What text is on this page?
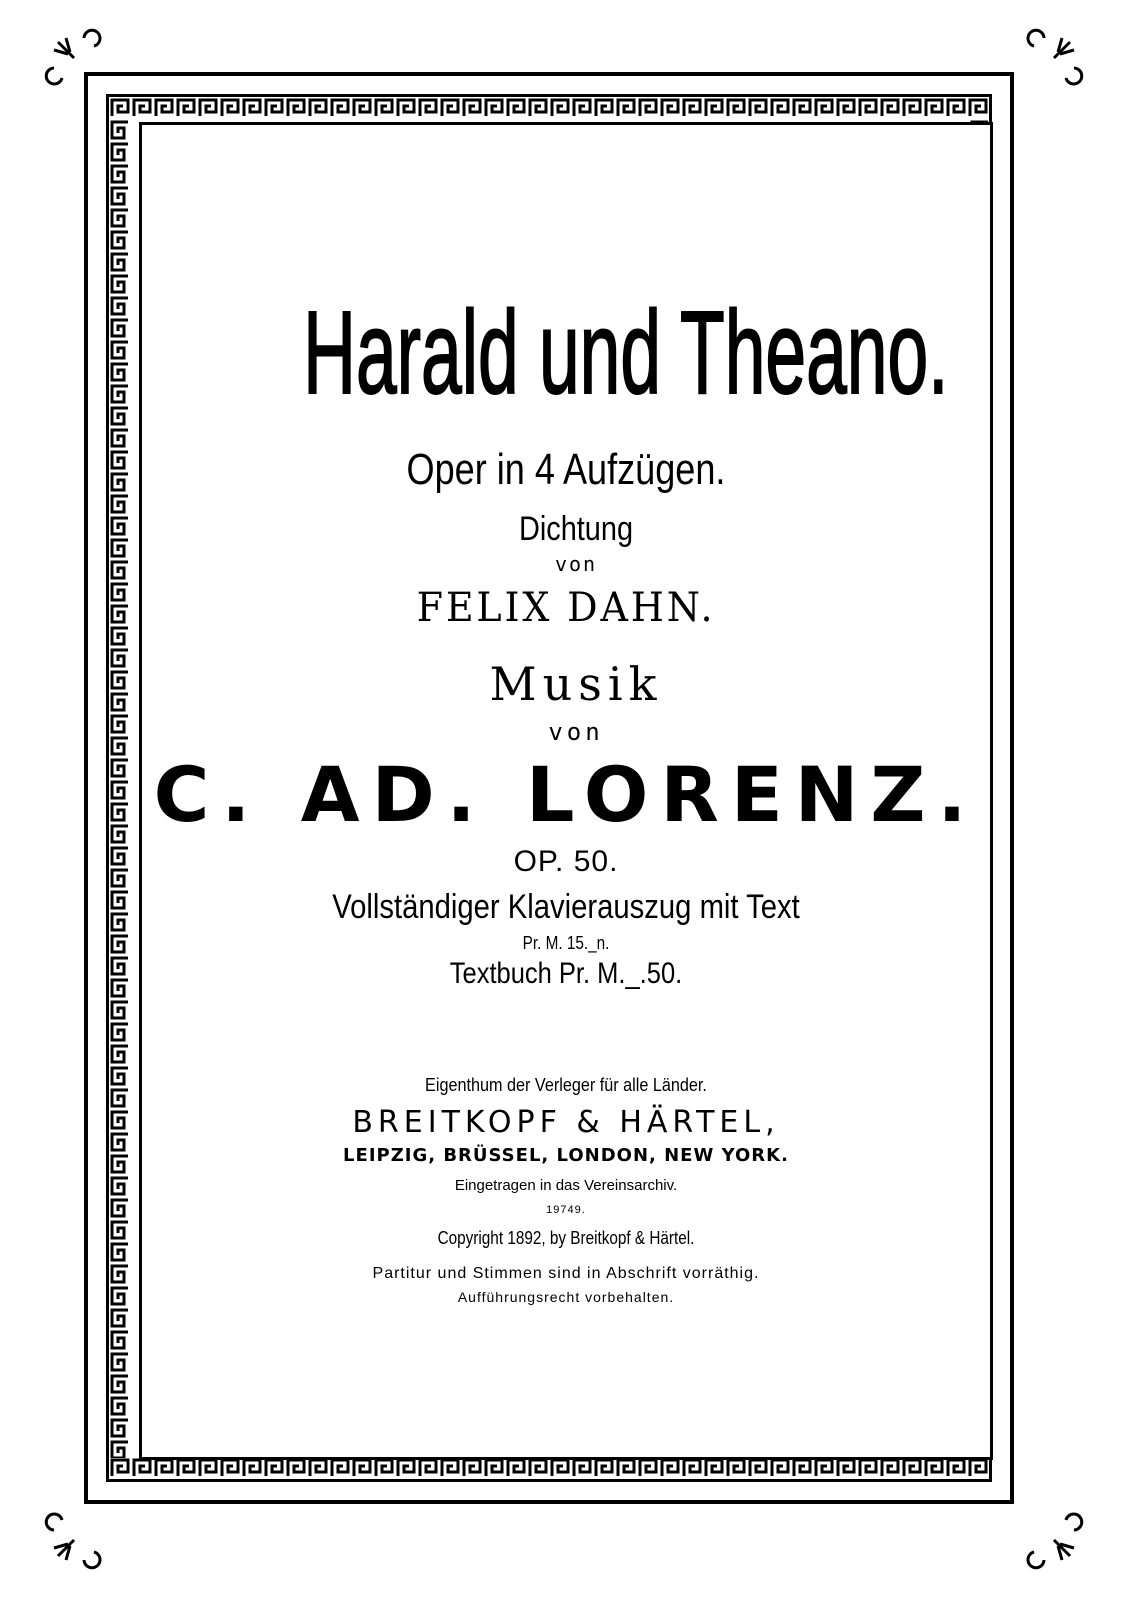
Harald und Theano.
Oper in 4 Aufzügen.
Dichtung
von
FELIX DAHN.
Musik
von
C. AD. LORENZ.
OP. 50.
Vollständiger Klavierauszug mit Text
Pr. M. 15._n.
Textbuch Pr. M._.50.
Eigenthum der Verleger für alle Länder.
BREITKOPF & HÄRTEL,
LEIPZIG, BRÜSSEL, LONDON, NEW YORK.
Eingetragen in das Vereinsarchiv.
19749.
Copyright 1892, by Breitkopf & Härtel.
Partitur und Stimmen sind in Abschrift vorräthig.
Aufführungsrecht vorbehalten.
